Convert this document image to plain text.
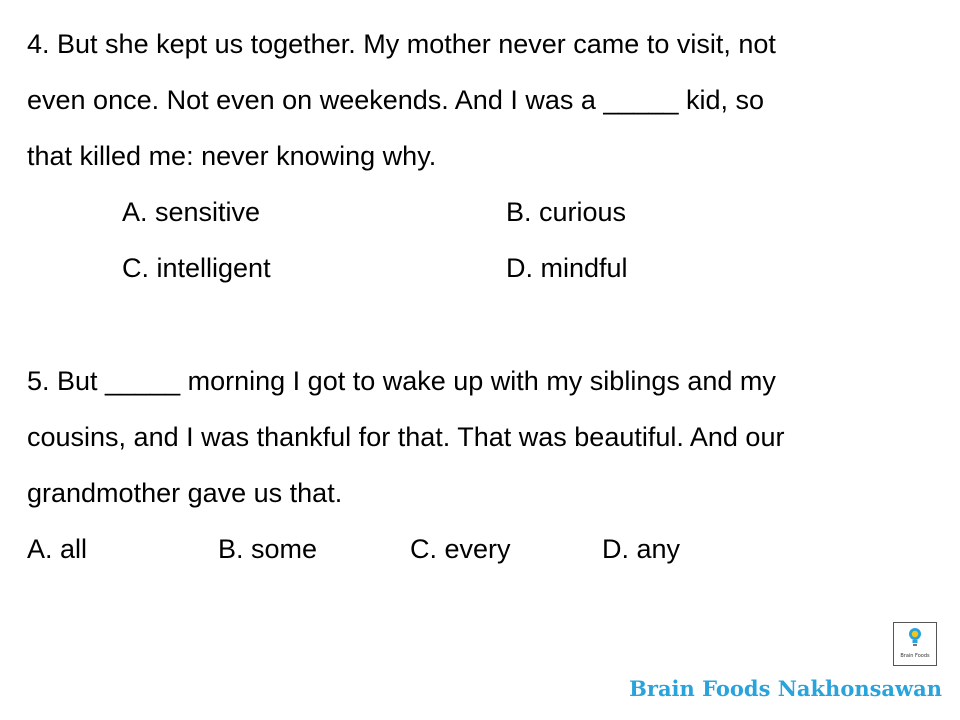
4. But she kept us together. My mother never came to visit, not
even once. Not even on weekends. And I was a _____ kid, so
that killed me: never knowing why.
A. sensitive	B. curious
C. intelligent	D. mindful
5. But _____ morning I got to wake up with my siblings and my
cousins, and I was thankful for that. That was beautiful. And our
grandmother gave us that.
A. all	B. some	C. every	D. any
Brain Foods
Brain Foods Nakhonsawan
